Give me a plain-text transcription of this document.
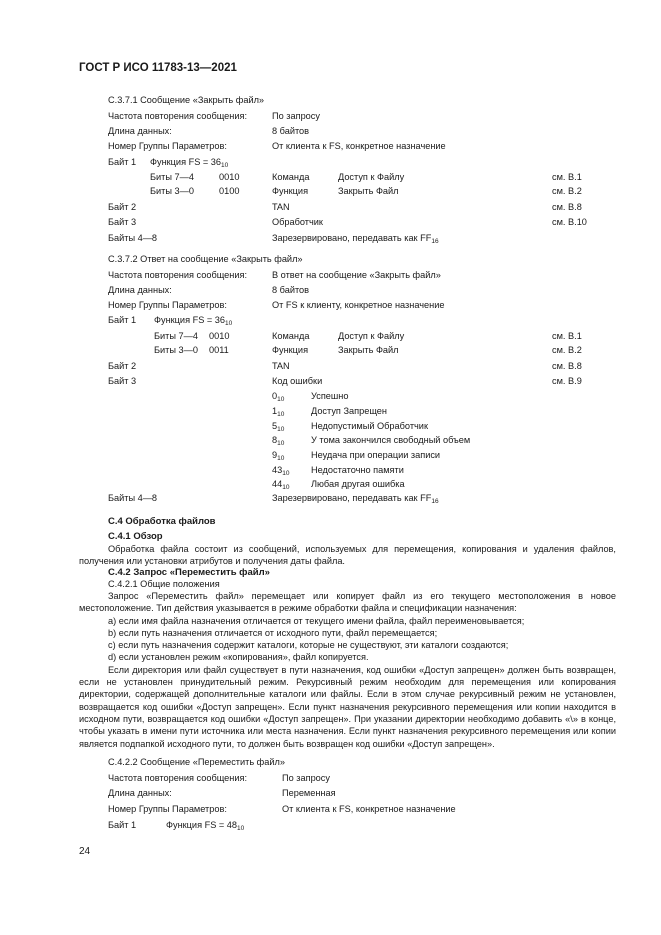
ГОСТ Р ИСО 11783-13—2021
С.3.7.1 Сообщение «Закрыть файл»
Частота повторения сообщения:	По запросу
Длина данных:	8 байтов
Номер Группы Параметров:	От клиента к FS, конкретное назначение
Байт 1 Функция FS = $36_{10}$
Биты 7—4	0010	Команда	Доступ к Файлу	см. В.1
Биты 3—0	0100	Функция	Закрыть Файл	см. В.2
Байт 2	TAN	см. В.8
Байт 3	Обработчик	см. В.10
Байты 4—8	Зарезервировано, передавать как $FF_{16}$
С.3.7.2 Ответ на сообщение «Закрыть файл»
Частота повторения сообщения:	В ответ на сообщение «Закрыть файл»
Длина данных:	8 байтов
Номер Группы Параметров:	От FS к клиенту, конкретное назначение
Байт 1 Функция FS = $36_{10}$
Биты 7—4 0010	Команда	Доступ к Файлу	см. В.1
Биты 3—0 0011	Функция	Закрыть Файл	см. В.2
Байт 2	TAN	см. В.8
Байт 3	Код ошибки	см. В.9
$0_{10}$	Успешно
$1_{10}$	Доступ Запрещен
$5_{10}$	Недопустимый Обработчик
$8_{10}$	У тома закончился свободный объем
$9_{10}$	Неудача при операции записи
$43_{10}$ Недостаточно памяти
$44_{10}$ Любая другая ошибка
Байты 4—8	Зарезервировано, передавать как $FF_{16}$
С.4 Обработка файлов
С.4.1 Обзор
Обработка файла состоит из сообщений, используемых для перемещения, копирования и удаления файлов, получения или установки атрибутов и получения даты файла.
С.4.2 Запрос «Переместить файл»
С.4.2.1 Общие положения

Запрос «Переместить файл» перемещает или копирует файл из его текущего местоположения в новое местоположение. Тип действия указывается в режиме обработки файла и спецификации назначения:

а) если имя файла назначения отличается от текущего имени файла, файл переименовывается;

b) если путь назначения отличается от исходного пути, файл перемещается;

c) если путь назначения содержит каталоги, которые не существуют, эти каталоги создаются;

d) если установлен режим «копирования», файл копируется.

Если директория или файл существует в пути назначения, код ошибки «Доступ запрещен» должен быть возвращен, если не установлен принудительный режим. Рекурсивный режим необходим для перемещения или копирования директории, содержащей дополнительные каталоги или файлы. Если в этом случае рекурсивный режим не установлен, возвращается код ошибки «Доступ запрещен». Если пункт назначения рекурсивного перемещения или копии находится в исходном пути, возвращается код ошибки «Доступ запрещен». При указании директории необходимо добавить «\» в конце, чтобы указать в имени пути источника или места назначения. Если пункт назначения рекурсивного перемещения или копии является подпапкой исходного пути, то должен быть возвращен код ошибки «Доступ запрещен».

С.4.2.2 Сообщение «Переместить файл»
Частота повторения сообщения:	По запросу
Длина данных:	Переменная
Номер Группы Параметров:	От клиента к FS, конкретное назначение
Байт 1	Функция FS = $48_{10}$
24
